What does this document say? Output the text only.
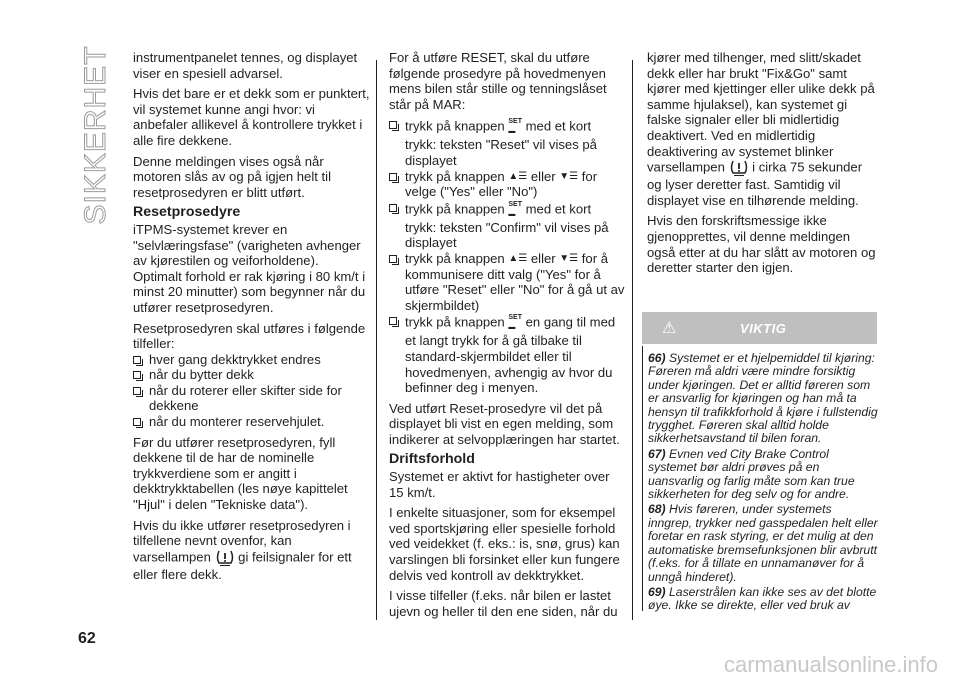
SIKKERHET
62
carmanualsonline.info

instrumentpanelet tennes, og displayet viser en spesiell advarsel.

Hvis det bare er et dekk som er punktert, vil systemet kunne angi hvor: vi anbefaler allikevel å kontrollere trykket i alle fire dekkene.

Denne meldingen vises også når motoren slås av og på igjen helt til resetprosedyren er blitt utført.

Resetprosedyre

iTPMS-systemet krever en "selvlæringsfase" (varigheten avhenger av kjørestilen og veiforholdene). Optimalt forhold er rak kjøring i 80 km/t i minst 20 minutter) som begynner når du utfører resetprosedyren.

Resetprosedyren skal utføres i følgende tilfeller:

hver gang dekktrykket endres
når du bytter dekk
når du roterer eller skifter side for dekkene
når du monterer reservehjulet.

Før du utfører resetprosedyren, fyll dekkene til de har de nominelle trykkverdiene som er angitt i dekktrykktabellen (les nøye kapittelet "Hjul" i delen "Tekniske data").

Hvis du ikke utfører resetprosedyren i tilfellene nevnt ovenfor, kan varsellampen gi feilsignaler for ett eller flere dekk.

For å utføre RESET, skal du utføre følgende prosedyre på hovedmenyen mens bilen står stille og tenningslåset står på MAR:

trykk på knappen SET
▬ med et kort trykk: teksten "Reset" vil vises på displayet
trykk på knappen ▲☰ eller ▼☰ for velge ("Yes" eller "No")
trykk på knappen SET
▬ med et kort trykk: teksten "Confirm" vil vises på displayet
trykk på knappen ▲☰ eller ▼☰ for å kommunisere ditt valg ("Yes" for å utføre "Reset" eller "No" for å gå ut av skjermbildet)
trykk på knappen SET
▬ en gang til med et langt trykk for å gå tilbake til standard-skjermbildet eller til hovedmenyen, avhengig av hvor du befinner deg i menyen.

Ved utført Reset-prosedyre vil det på displayet bli vist en egen melding, som indikerer at selvopplæringen har startet.

Driftsforhold

Systemet er aktivt for hastigheter over 15 km/t.

I enkelte situasjoner, som for eksempel ved sportskjøring eller spesielle forhold ved veidekket (f. eks.: is, snø, grus) kan varslingen bli forsinket eller kun fungere delvis ved kontroll av dekktrykket.

I visse tilfeller (f.eks. når bilen er lastet ujevn og heller til den ene siden, når du

kjører med tilhenger, med slitt/skadet dekk eller har brukt "Fix&Go" samt kjører med kjettinger eller ulike dekk på samme hjulaksel), kan systemet gi falske signaler eller bli midlertidig deaktivert. Ved en midlertidig deaktivering av systemet blinker varsellampen i cirka 75 sekunder og lyser deretter fast. Samtidig vil displayet vise en tilhørende melding.

Hvis den forskriftsmessige ikke gjenopprettes, vil denne meldingen også etter at du har slått av motoren og deretter starter den igjen.

⚠	VIKTIG

66) Systemet er et hjelpemiddel til kjøring: Føreren må aldri være mindre forsiktig under kjøringen. Det er alltid føreren som er ansvarlig for kjøringen og han må ta hensyn til trafikkforhold å kjøre i fullstendig trygghet. Føreren skal alltid holde sikkerhetsavstand til bilen foran.

67) Evnen ved City Brake Control systemet bør aldri prøves på en uansvarlig og farlig måte som kan true sikkerheten for deg selv og for andre.

68) Hvis føreren, under systemets inngrep, trykker ned gasspedalen helt eller foretar en rask styring, er det mulig at den automatiske bremsefunksjonen blir avbrutt (f.eks. for å tillate en unnamanøver for å unngå hinderet).

69) Laserstrålen kan ikke ses av det blotte øye. Ikke se direkte, eller ved bruk av
